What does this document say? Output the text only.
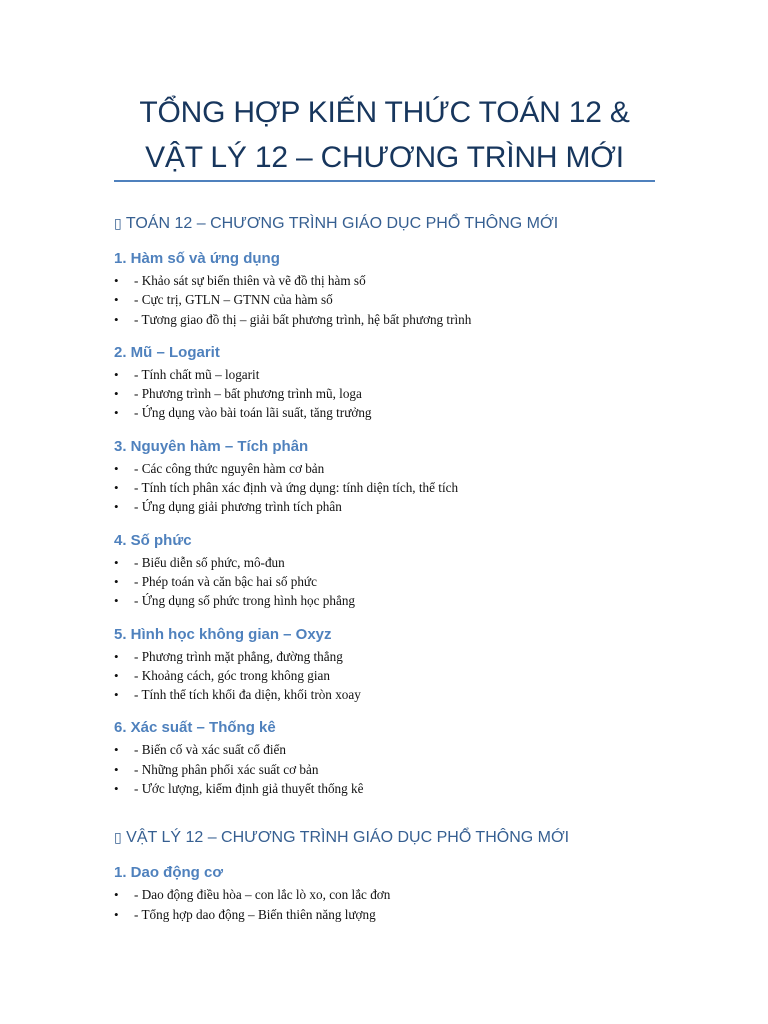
TỔNG HỢP KIẾN THỨC TOÁN 12 & VẬT LÝ 12 – CHƯƠNG TRÌNH MỚI
▯ TOÁN 12 – CHƯƠNG TRÌNH GIÁO DỤC PHỔ THÔNG MỚI
1. Hàm số và ứng dụng
• - Khảo sát sự biến thiên và vẽ đồ thị hàm số
• - Cực trị, GTLN – GTNN của hàm số
• - Tương giao đồ thị – giải bất phương trình, hệ bất phương trình
2. Mũ – Logarit
• - Tính chất mũ – logarit
• - Phương trình – bất phương trình mũ, loga
• - Ứng dụng vào bài toán lãi suất, tăng trưởng
3. Nguyên hàm – Tích phân
• - Các công thức nguyên hàm cơ bản
• - Tính tích phân xác định và ứng dụng: tính diện tích, thể tích
• - Ứng dụng giải phương trình tích phân
4. Số phức
• - Biểu diễn số phức, mô-đun
• - Phép toán và căn bậc hai số phức
• - Ứng dụng số phức trong hình học phẳng
5. Hình học không gian – Oxyz
• - Phương trình mặt phẳng, đường thẳng
• - Khoảng cách, góc trong không gian
• - Tính thể tích khối đa diện, khối tròn xoay
6. Xác suất – Thống kê
• - Biến cố và xác suất cổ điển
• - Những phân phối xác suất cơ bản
• - Ước lượng, kiểm định giả thuyết thống kê
▯ VẬT LÝ 12 – CHƯƠNG TRÌNH GIÁO DỤC PHỔ THÔNG MỚI
1. Dao động cơ
• - Dao động điều hòa – con lắc lò xo, con lắc đơn
• - Tổng hợp dao động – Biến thiên năng lượng
